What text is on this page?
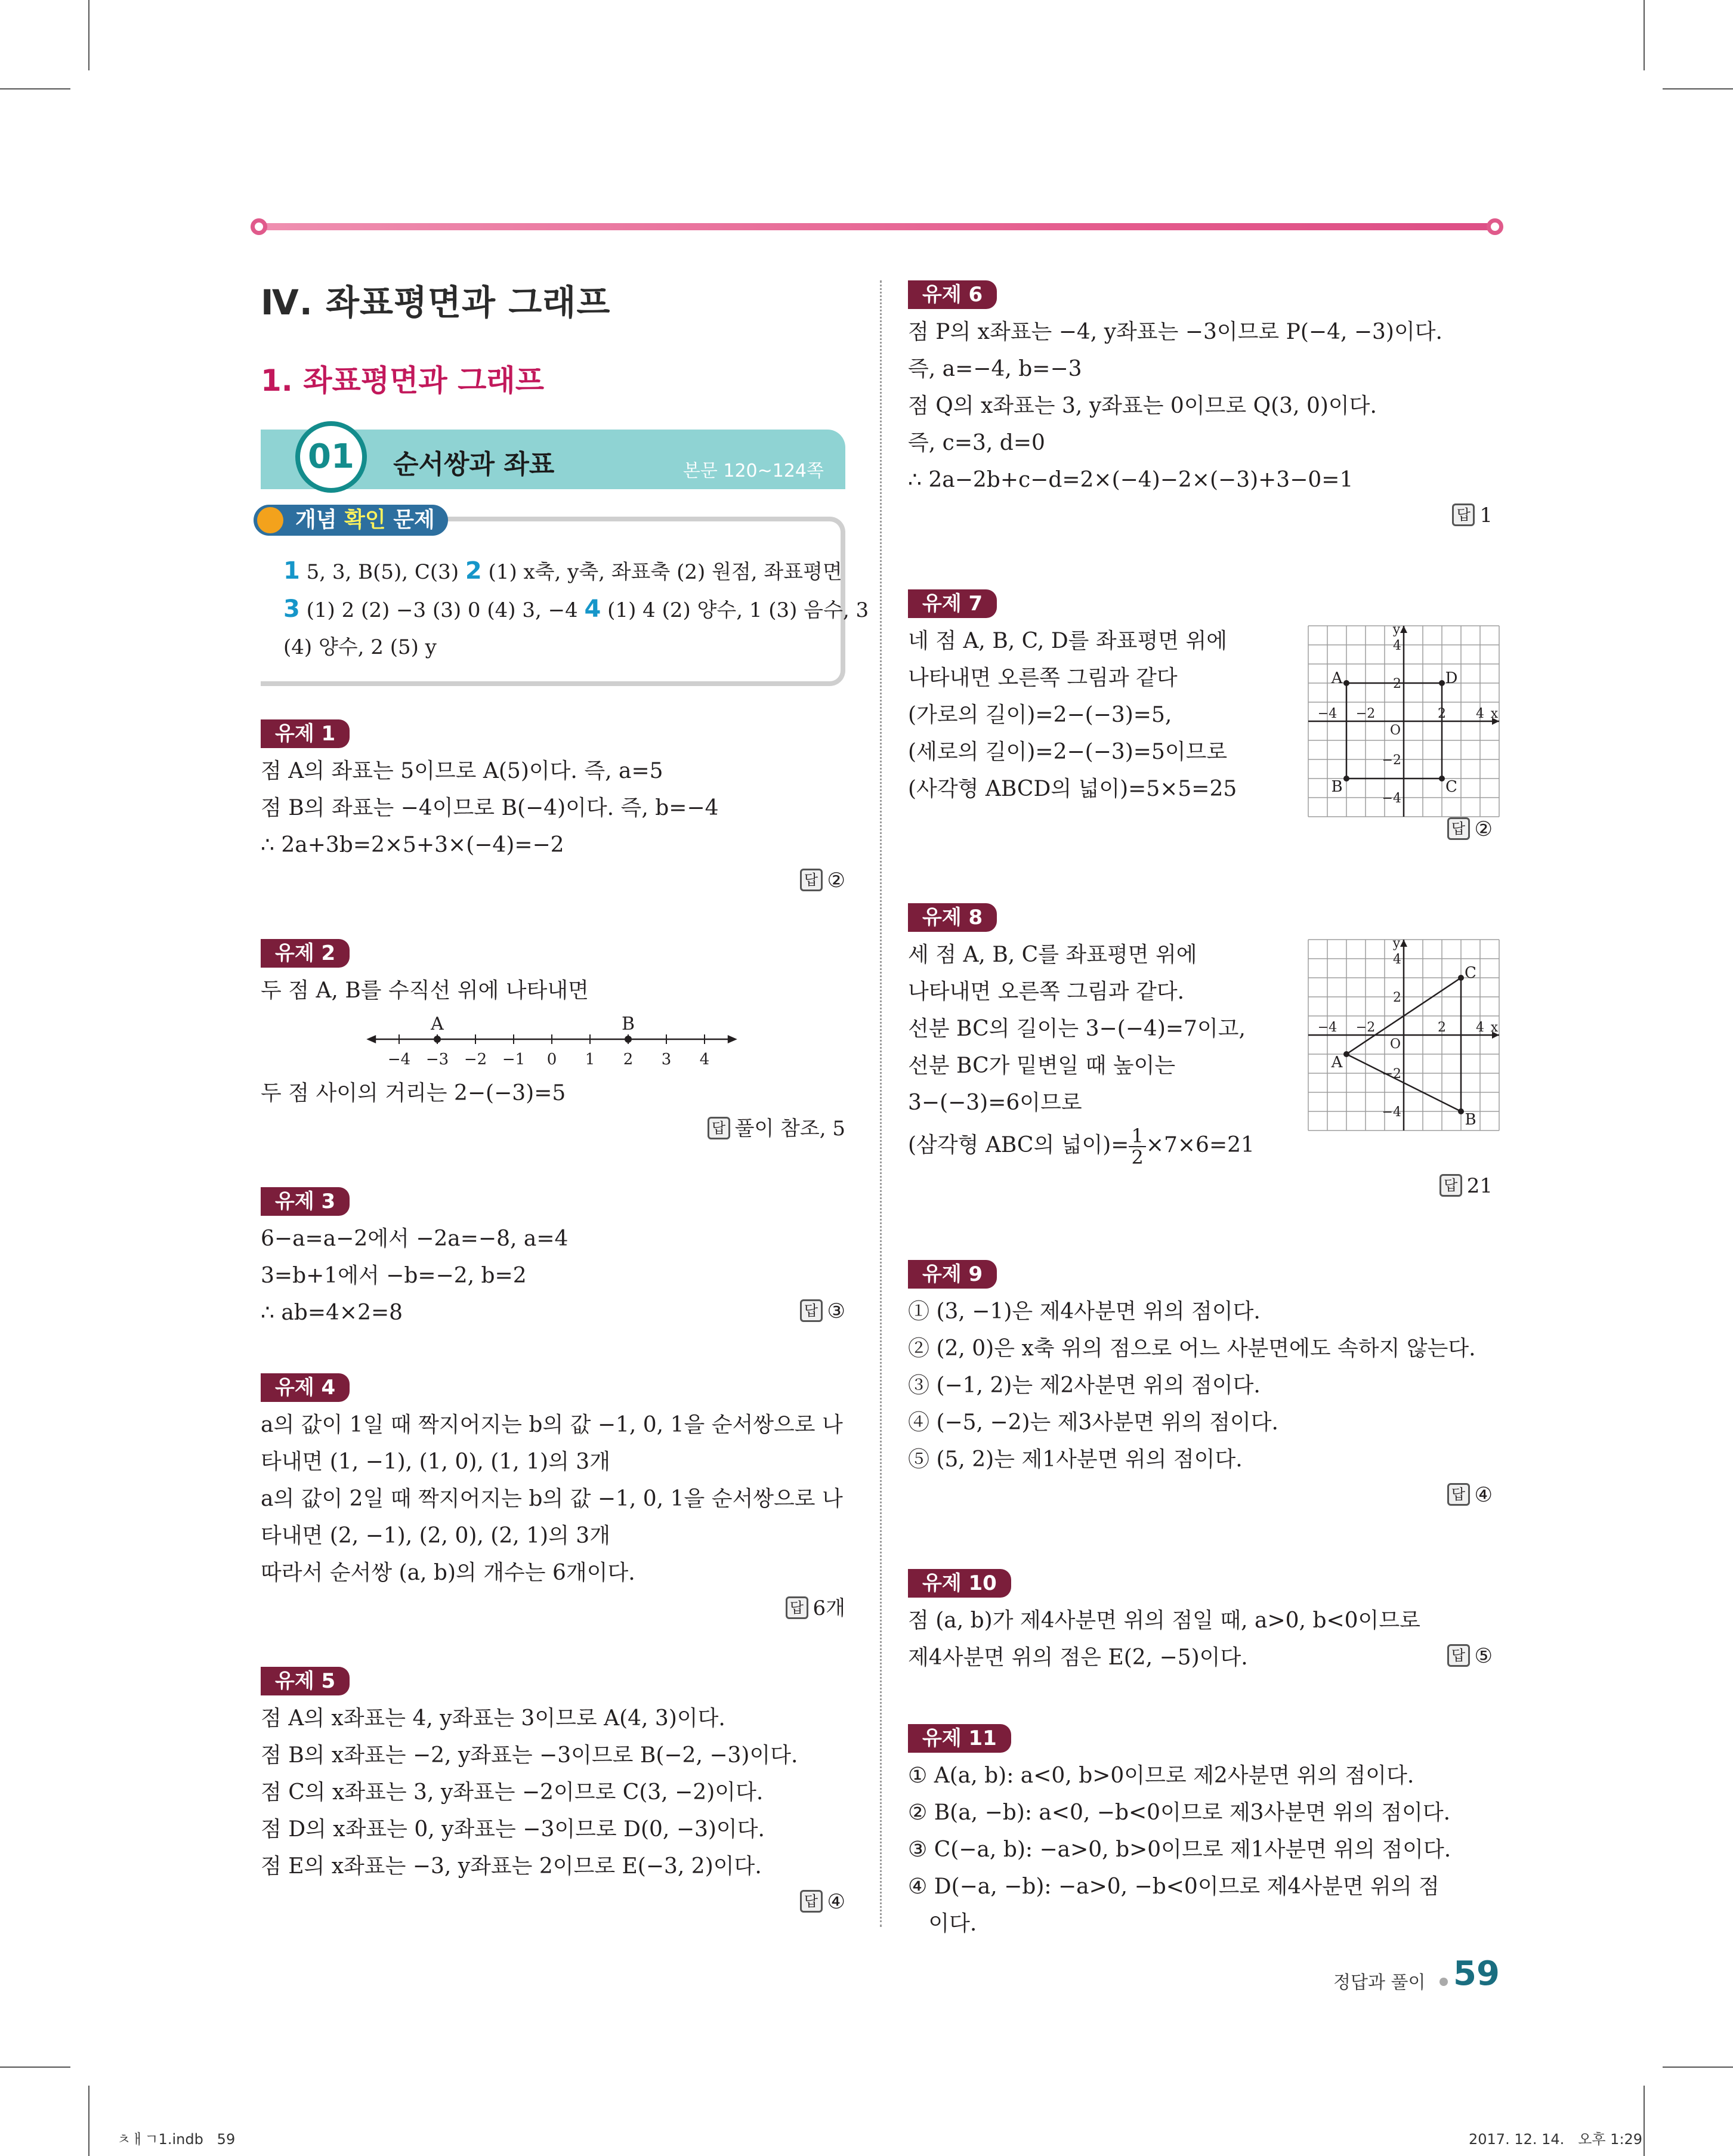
Ⅳ. 좌표평면과 그래프
1. 좌표평면과 그래프
01	순서쌍과 좌표	본문 120~124쪽
개념 확인 문제
1 5, 3, B(5), C(3) 2 (1) x축, y축, 좌표축 (2) 원점, 좌표평면
3 (1) 2 (2) −3 (3) 0 (4) 3, −4 4 (1) 4 (2) 양수, 1 (3) 음수, 3
(4) 양수, 2 (5) y
유제 1
점 A의 좌표는 5이므로 A(5)이다. 즉, a=5
점 B의 좌표는 −4이므로 B(−4)이다. 즉, b=−4
∴ 2a+3b=2×5+3×(−4)=−2
답 ②
유제 2
두 점 A, B를 수직선 위에 나타내면
−4 −3 −2 −1 0 1 2 3 4
A	B
두 점 사이의 거리는 2−(−3)=5
답 풀이 참조, 5
유제 3
6−a=a−2에서 −2a=−8, a=4
3=b+1에서 −b=−2, b=2
∴ ab=4×2=8	답 ③
유제 4
a의 값이 1일 때 짝지어지는 b의 값 −1, 0, 1을 순서쌍으로 나
타내면 (1, −1), (1, 0), (1, 1)의 3개
a의 값이 2일 때 짝지어지는 b의 값 −1, 0, 1을 순서쌍으로 나
타내면 (2, −1), (2, 0), (2, 1)의 3개
따라서 순서쌍 (a, b)의 개수는 6개이다.
답 6개
유제 5
점 A의 x좌표는 4, y좌표는 3이므로 A(4, 3)이다.
점 B의 x좌표는 −2, y좌표는 −3이므로 B(−2, −3)이다.
점 C의 x좌표는 3, y좌표는 −2이므로 C(3, −2)이다.
점 D의 x좌표는 0, y좌표는 −3이므로 D(0, −3)이다.
점 E의 x좌표는 −3, y좌표는 2이므로 E(−3, 2)이다.
답 ④
유제 6
점 P의 x좌표는 −4, y좌표는 −3이므로 P(−4, −3)이다.
즉, a=−4, b=−3
점 Q의 x좌표는 3, y좌표는 0이므로 Q(3, 0)이다.
즉, c=3, d=0
∴ 2a−2b+c−d=2×(−4)−2×(−3)+3−0=1
답 1
유제 7
네 점 A, B, C, D를 좌표평면 위에
나타내면 오른쪽 그림과 같다
(가로의 길이)=2−(−3)=5,
(세로의 길이)=2−(−3)=5이므로
(사각형 ABCD의 넓이)=5×5=25
답 ②
−4 −2	2 4 x
4
2
−2
−4
y
O
A	D
B	C
유제 8
세 점 A, B, C를 좌표평면 위에
나타내면 오른쪽 그림과 같다.
선분 BC의 길이는 3−(−4)=7이고,
선분 BC가 밑변일 때 높이는
3−(−3)=6이므로
(삼각형 ABC의 넓이)= $\frac{1}{2} \times 7\times 6=21$
답 21
−4 −2	2 4 x
4
2
−2
−4
y
O
C
A
B
유제 9
① (3, −1)은 제4사분면 위의 점이다.
② (2, 0)은 x축 위의 점으로 어느 사분면에도 속하지 않는다.
③ (−1, 2)는 제2사분면 위의 점이다.
④ (−5, −2)는 제3사분면 위의 점이다.
⑤ (5, 2)는 제1사분면 위의 점이다.
답 ④
유제 10
점 (a, b)가 제4사분면 위의 점일 때, a>0, b<0이므로
제4사분면 위의 점은 E(2, −5)이다.	답 ⑤
유제 11
① A(a, b): a<0, b>0이므로 제2사분면 위의 점이다.
② B(a, −b): a<0, −b<0이므로 제3사분면 위의 점이다.
③ C(−a, b): −a>0, b>0이므로 제1사분면 위의 점이다.
④ D(−a, −b): −a>0, −b<0이므로 제4사분면 위의 점
이다.
정답과 풀이 59
ㅊㅐㄱ1.indb   59	2017. 12. 14.   오후 1:29
